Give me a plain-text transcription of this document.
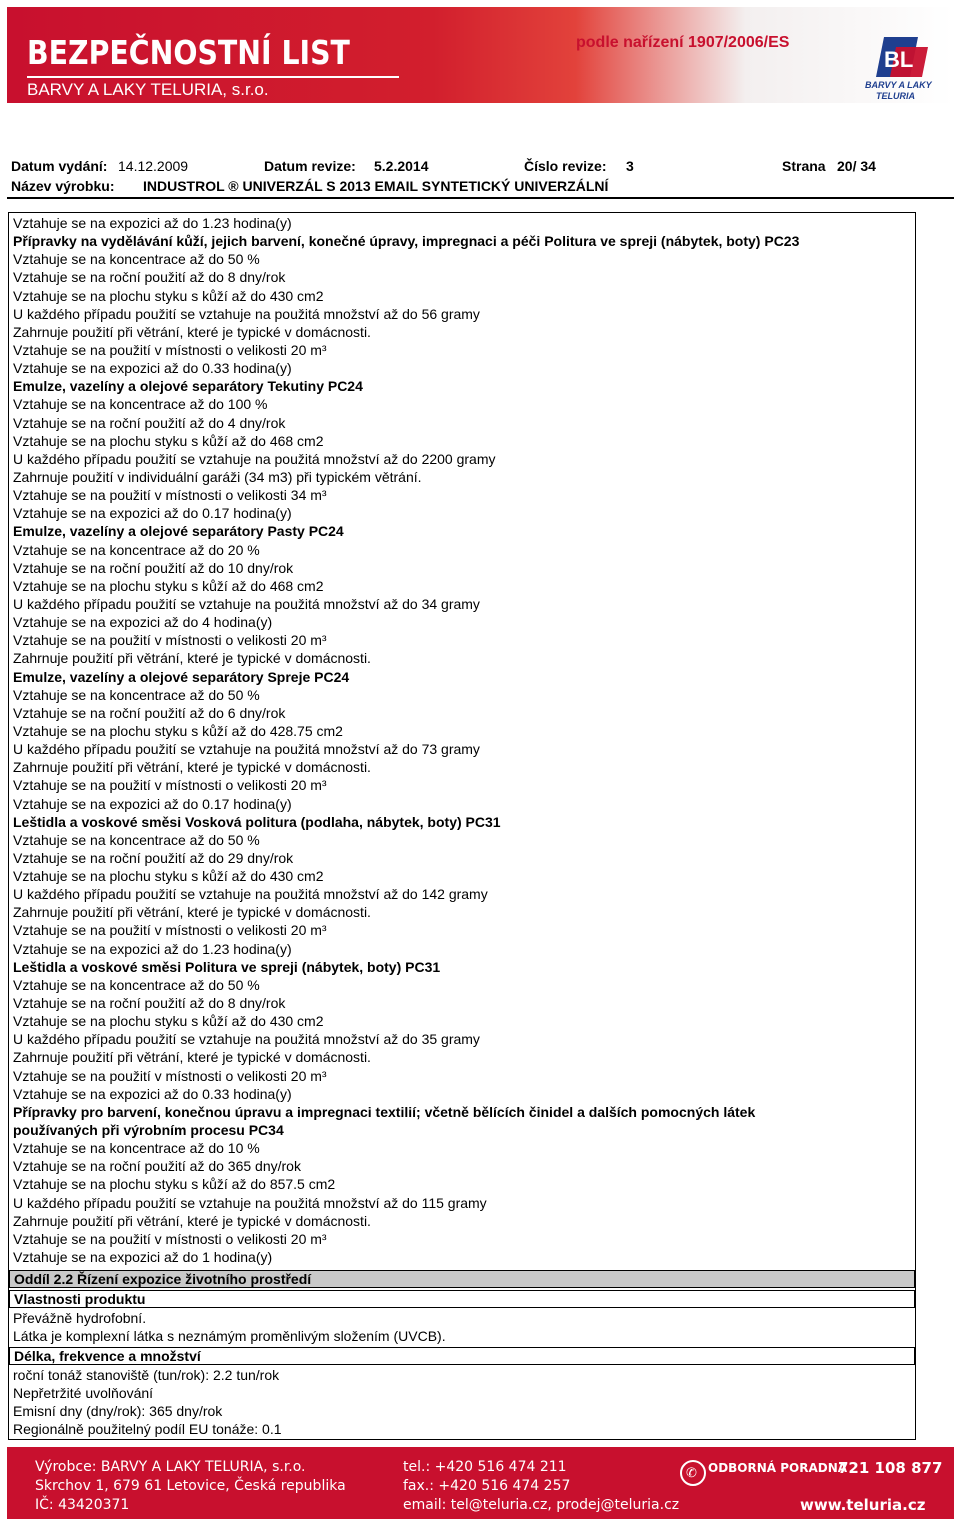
BEZPEČNOSTNÍ LIST
BARVY A LAKY TELURIA, s.r.o.
podle nařízení 1907/2006/ES
BL
BARVY A LAKY
TELURIA
Datum vydání: 14.12.2009	Datum revize: 5.2.2014	Číslo revize: 3	Strana 20/ 34
Název výrobku: INDUSTROL ® UNIVERZÁL S 2013 EMAIL SYNTETICKÝ UNIVERZÁLNÍ
Vztahuje se na expozici až do 1.23 hodina(y)
Přípravky na vydělávání kůží, jejich barvení, konečné úpravy, impregnaci a péči Politura ve spreji (nábytek, boty) PC23
Vztahuje se na koncentrace až do 50 %
Vztahuje se na roční použití až do 8 dny/rok
Vztahuje se na plochu styku s kůží až do 430 cm2
U každého případu použití se vztahuje na použitá množství až do 56 gramy
Zahrnuje použití při větrání, které je typické v domácnosti.
Vztahuje se na použití v místnosti o velikosti 20 m³
Vztahuje se na expozici až do 0.33 hodina(y)
Emulze, vazelíny a olejové separátory Tekutiny PC24
Vztahuje se na koncentrace až do 100 %
Vztahuje se na roční použití až do 4 dny/rok
Vztahuje se na plochu styku s kůží až do 468 cm2
U každého případu použití se vztahuje na použitá množství až do 2200 gramy
Zahrnuje použití v individuální garáži (34 m3) při typickém větrání.
Vztahuje se na použití v místnosti o velikosti 34 m³
Vztahuje se na expozici až do 0.17 hodina(y)
Emulze, vazelíny a olejové separátory Pasty PC24
Vztahuje se na koncentrace až do 20 %
Vztahuje se na roční použití až do 10 dny/rok
Vztahuje se na plochu styku s kůží až do 468 cm2
U každého případu použití se vztahuje na použitá množství až do 34 gramy
Vztahuje se na expozici až do 4 hodina(y)
Vztahuje se na použití v místnosti o velikosti 20 m³
Zahrnuje použití při větrání, které je typické v domácnosti.
Emulze, vazelíny a olejové separátory Spreje PC24
Vztahuje se na koncentrace až do 50 %
Vztahuje se na roční použití až do 6 dny/rok
Vztahuje se na plochu styku s kůží až do 428.75 cm2
U každého případu použití se vztahuje na použitá množství až do 73 gramy
Zahrnuje použití při větrání, které je typické v domácnosti.
Vztahuje se na použití v místnosti o velikosti 20 m³
Vztahuje se na expozici až do 0.17 hodina(y)
Leštidla a voskové směsi Vosková politura (podlaha, nábytek, boty) PC31
Vztahuje se na koncentrace až do 50 %
Vztahuje se na roční použití až do 29 dny/rok
Vztahuje se na plochu styku s kůží až do 430 cm2
U každého případu použití se vztahuje na použitá množství až do 142 gramy
Zahrnuje použití při větrání, které je typické v domácnosti.
Vztahuje se na použití v místnosti o velikosti 20 m³
Vztahuje se na expozici až do 1.23 hodina(y)
Leštidla a voskové směsi Politura ve spreji (nábytek, boty) PC31
Vztahuje se na koncentrace až do 50 %
Vztahuje se na roční použití až do 8 dny/rok
Vztahuje se na plochu styku s kůží až do 430 cm2
U každého případu použití se vztahuje na použitá množství až do 35 gramy
Zahrnuje použití při větrání, které je typické v domácnosti.
Vztahuje se na použití v místnosti o velikosti 20 m³
Vztahuje se na expozici až do 0.33 hodina(y)
Přípravky pro barvení, konečnou úpravu a impregnaci textilií; včetně bělících činidel a dalších pomocných látek
používaných při výrobním procesu PC34
Vztahuje se na koncentrace až do 10 %
Vztahuje se na roční použití až do 365 dny/rok
Vztahuje se na plochu styku s kůží až do 857.5 cm2
U každého případu použití se vztahuje na použitá množství až do 115 gramy
Zahrnuje použití při větrání, které je typické v domácnosti.
Vztahuje se na použití v místnosti o velikosti 20 m³
Vztahuje se na expozici až do 1 hodina(y)
Oddíl 2.2 Řízení expozice životního prostředí
Vlastnosti produktu
Převážně hydrofobní.
Látka je komplexní látka s neznámým proměnlivým složením (UVCB).
Délka, frekvence a množství
roční tonáž stanoviště (tun/rok): 2.2 tun/rok
Nepřetržité uvolňování
Emisní dny (dny/rok): 365 dny/rok
Regionálně použitelný podíl EU tonáže: 0.1
Výrobce: BARVY A LAKY TELURIA, s.r.o.
Skrchov 1, 679 61 Letovice, Česká republika
IČ: 43420371
tel.: +420 516 474 211
fax.: +420 516 474 257
email: tel@teluria.cz, prodej@teluria.cz
✆ ODBORNÁ PORADNA
721 108 877
www.teluria.cz
